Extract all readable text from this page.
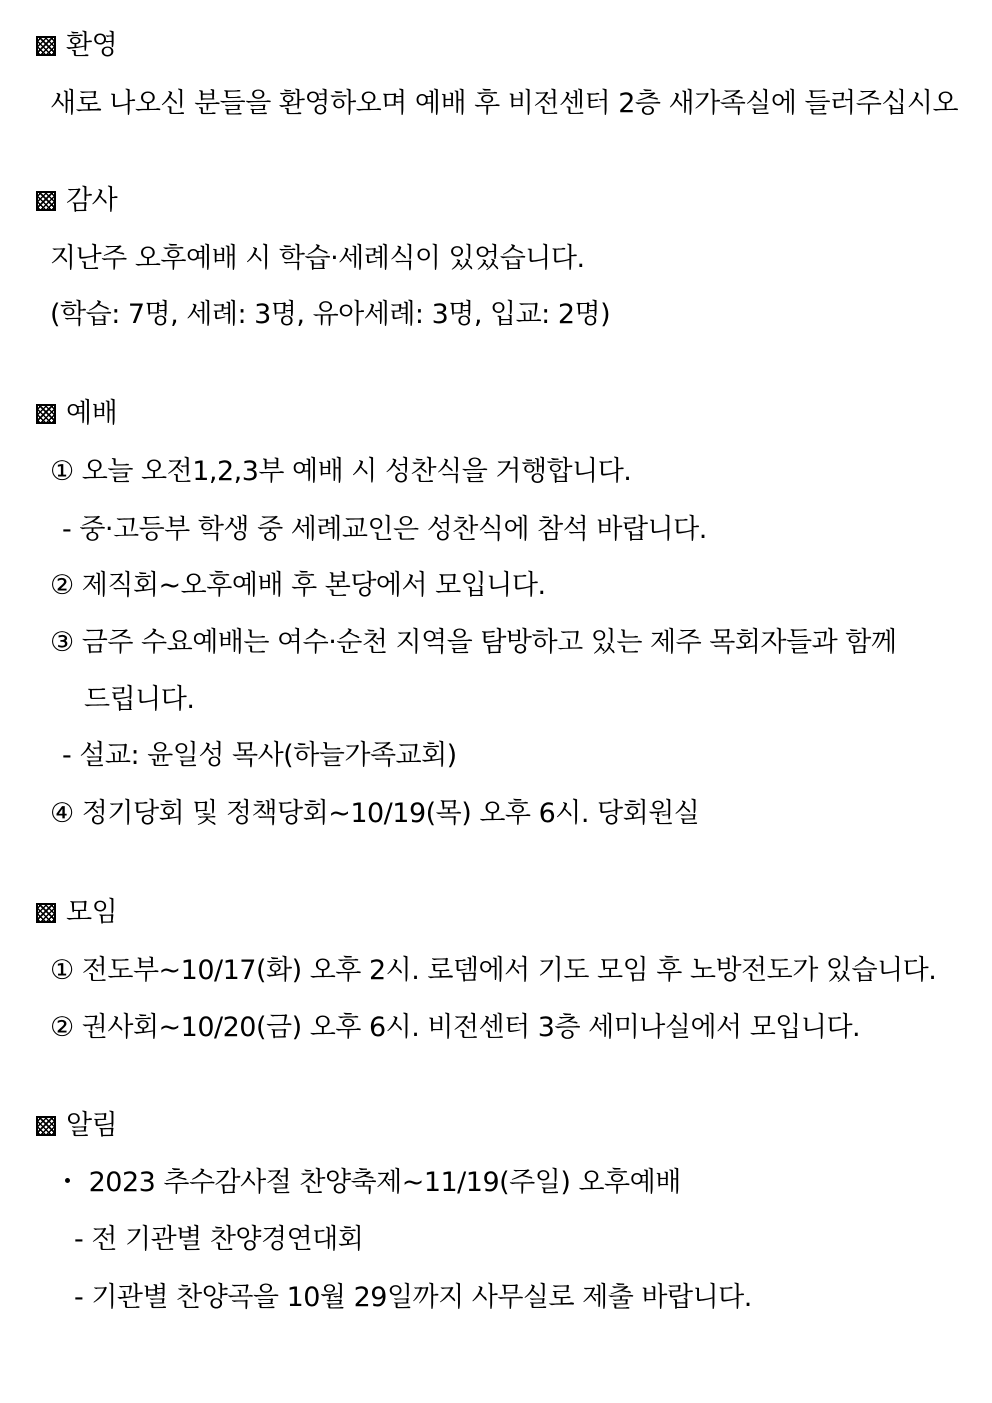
환영
새로 나오신 분들을 환영하오며 예배 후 비전센터 2층 새가족실에 들러주십시오
감사
지난주 오후예배 시 학습‧세례식이 있었습니다.
(학습: 7명, 세례: 3명, 유아세례: 3명, 입교: 2명)
예배
① 오늘 오전1,2,3부 예배 시 성찬식을 거행합니다.
- 중‧고등부 학생 중 세례교인은 성찬식에 참석 바랍니다.
② 제직회~오후예배 후 본당에서 모입니다.
③ 금주 수요예배는 여수‧순천 지역을 탐방하고 있는 제주 목회자들과 함께
드립니다.
- 설교: 윤일성 목사(하늘가족교회)
④ 정기당회 및 정책당회~10/19(목) 오후 6시. 당회원실
모임
① 전도부~10/17(화) 오후 2시. 로뎀에서 기도 모임 후 노방전도가 있습니다.
② 권사회~10/20(금) 오후 6시. 비전센터 3층 세미나실에서 모입니다.
알림
・ 2023 추수감사절 찬양축제~11/19(주일) 오후예배
- 전 기관별 찬양경연대회
- 기관별 찬양곡을 10월 29일까지 사무실로 제출 바랍니다.
